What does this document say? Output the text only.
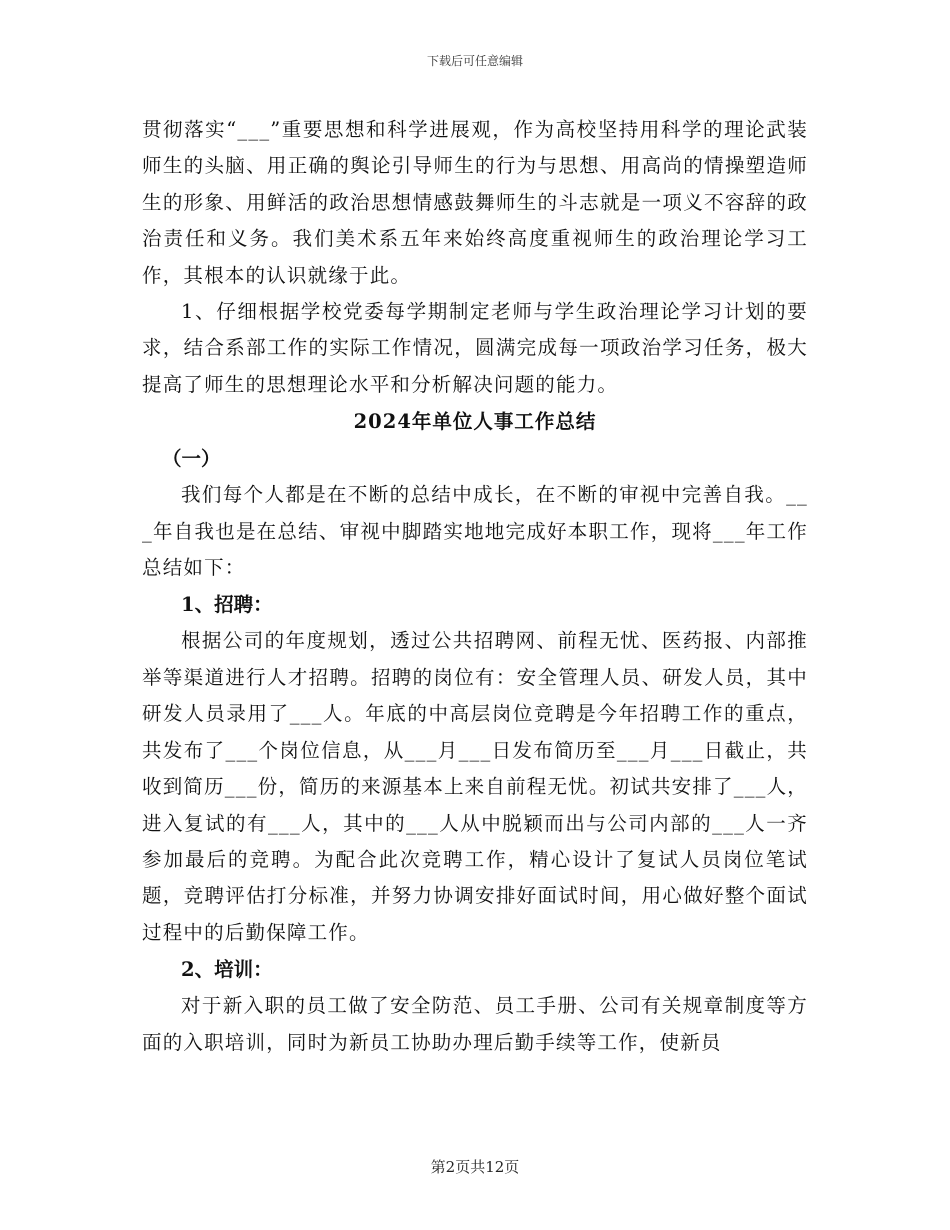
下载后可任意编辑

贯彻落实“___”重要思想和科学进展观，作为高校坚持用科学的理论武装师生的头脑、用正确的舆论引导师生的行为与思想、用高尚的情操塑造师生的形象、用鲜活的政治思想情感鼓舞师生的斗志就是一项义不容辞的政治责任和义务。我们美术系五年来始终高度重视师生的政治理论学习工作，其根本的认识就缘于此。

1、仔细根据学校党委每学期制定老师与学生政治理论学习计划的要求，结合系部工作的实际工作情况，圆满完成每一项政治学习任务，极大提高了师生的思想理论水平和分析解决问题的能力。

2024年单位人事工作总结

（一）

我们每个人都是在不断的总结中成长，在不断的审视中完善自我。___年自我也是在总结、审视中脚踏实地地完成好本职工作，现将___年工作总结如下：

1、招聘：

根据公司的年度规划，透过公共招聘网、前程无忧、医药报、内部推举等渠道进行人才招聘。招聘的岗位有：安全管理人员、研发人员，其中研发人员录用了___人。年底的中高层岗位竞聘是今年招聘工作的重点，共发布了___个岗位信息，从___月___日发布简历至___月___日截止，共收到简历___份，简历的来源基本上来自前程无忧。初试共安排了___人，进入复试的有___人，其中的___人从中脱颖而出与公司内部的___人一齐参加最后的竞聘。为配合此次竞聘工作，精心设计了复试人员岗位笔试题，竞聘评估打分标准，并努力协调安排好面试时间，用心做好整个面试过程中的后勤保障工作。

2、培训：

对于新入职的员工做了安全防范、员工手册、公司有关规章制度等方面的入职培训，同时为新员工协助办理后勤手续等工作，使新员

第2页共12页
